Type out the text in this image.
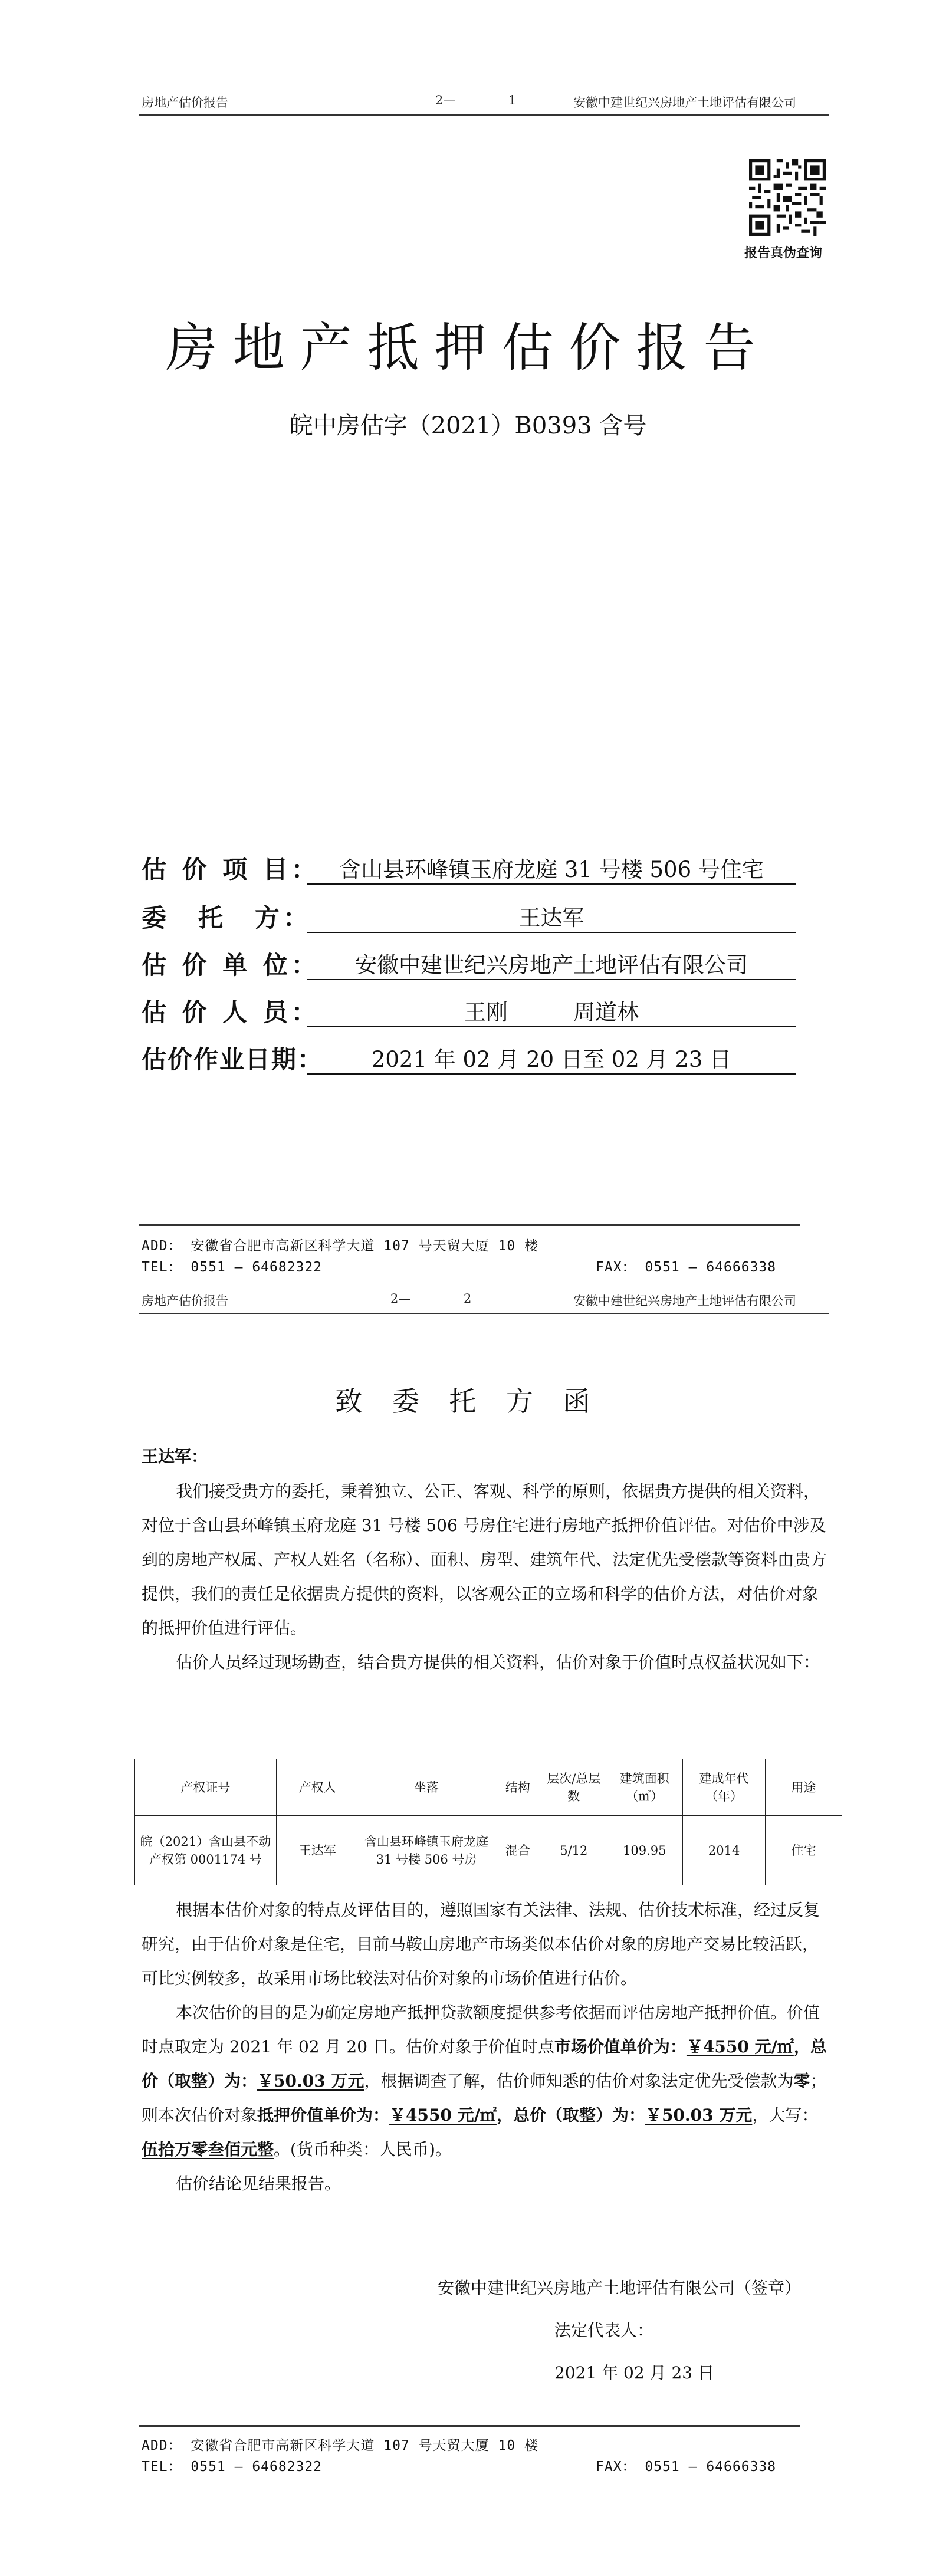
房地产估价报告	2—	1	安徽中建世纪兴房地产土地评估有限公司
报告真伪查询
房地产抵押估价报告
皖中房估字（2021）B0393 含号
估 价 项 目： 含山县环峰镇玉府龙庭 31 号楼 506 号住宅
委　托　方：	王达军
估 价 单 位：	安徽中建世纪兴房地产土地评估有限公司
估 价 人 员：	王刚　　　周道林
估价作业日期：	2021 年 02 月 20 日至 02 月 23 日
ADD： 安徽省合肥市高新区科学大道 107 号天贸大厦 10 楼
TEL： 0551 — 64682322	FAX： 0551 — 64666338
房地产估价报告	2—	2	安徽中建世纪兴房地产土地评估有限公司
致 委 托 方 函
王达军：

我们接受贵方的委托，秉着独立、公正、客观、科学的原则，依据贵方提供的相关资料，对位于含山县环峰镇玉府龙庭 31 号楼 506 号房住宅进行房地产抵押价值评估。对估价中涉及到的房地产权属、产权人姓名（名称）、面积、房型、建筑年代、法定优先受偿款等资料由贵方提供，我们的责任是依据贵方提供的资料，以客观公正的立场和科学的估价方法，对估价对象的抵押价值进行评估。

估价人员经过现场勘查，结合贵方提供的相关资料，估价对象于价值时点权益状况如下：

产权证号	产权人	坐落	结构	层次/总层数	建筑面积（㎡）	建成年代（年）	用途
皖（2021）含山县不动产权第 0001174 号	王达军	含山县环峰镇玉府龙庭 31 号楼 506 号房	混合	5/12	109.95	2014	住宅

根据本估价对象的特点及评估目的，遵照国家有关法律、法规、估价技术标准，经过反复研究，由于估价对象是住宅，目前马鞍山房地产市场类似本估价对象的房地产交易比较活跃，可比实例较多，故采用市场比较法对估价对象的市场价值进行估价。

本次估价的目的是为确定房地产抵押贷款额度提供参考依据而评估房地产抵押价值。价值时点取定为 2021 年 02 月 20 日。估价对象于价值时点市场价值单价为：￥4550 元/㎡，总价（取整）为：￥50.03 万元，根据调查了解，估价师知悉的估价对象法定优先受偿款为零；则本次估价对象抵押价值单价为：￥4550 元/㎡，总价（取整）为：￥50.03 万元，大写：伍拾万零叁佰元整。(货币种类：人民币)。

估价结论见结果报告。

安徽中建世纪兴房地产土地评估有限公司（签章）
法定代表人：
2021 年 02 月 23 日
ADD： 安徽省合肥市高新区科学大道 107 号天贸大厦 10 楼
TEL： 0551 — 64682322	FAX： 0551 — 64666338
